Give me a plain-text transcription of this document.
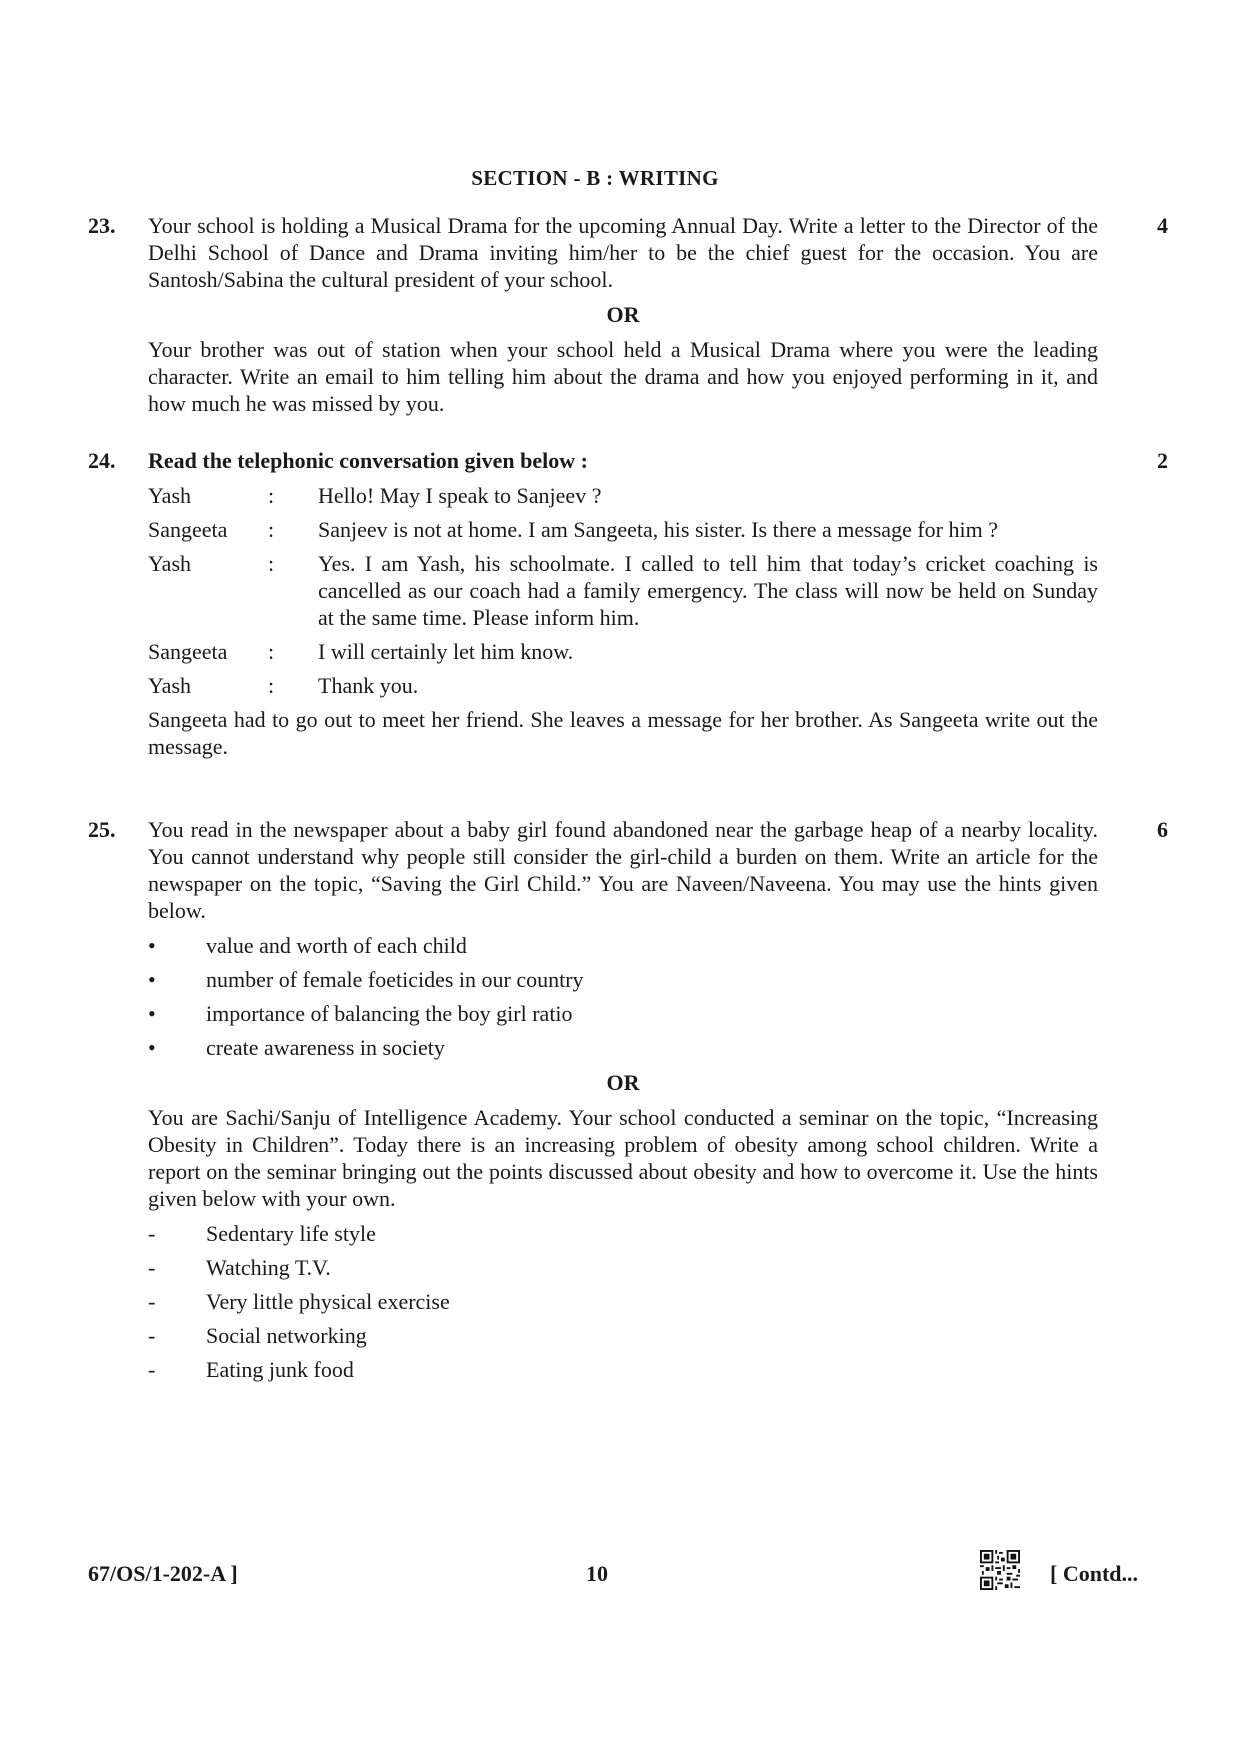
SECTION - B : WRITING
23.	4

Your school is holding a Musical Drama for the upcoming Annual Day. Write a letter to the Director of the Delhi School of Dance and Drama inviting him/her to be the chief guest for the occasion. You are Santosh/Sabina the cultural president of your school.

OR

Your brother was out of station when your school held a Musical Drama where you were the leading character. Write an email to him telling him about the drama and how you enjoyed performing in it, and how much he was missed by you.

24.	2

Read the telephonic conversation given below :

Yash	:	Hello! May I speak to Sanjeev ?
Sangeeta	:	Sanjeev is not at home. I am Sangeeta, his sister. Is there a message for him ?
Yash	:	Yes. I am Yash, his schoolmate. I called to tell him that today’s cricket coaching is cancelled as our coach had a family emergency. The class will now be held on Sunday at the same time. Please inform him.
Sangeeta	:	I will certainly let him know.
Yash	:	Thank you.

Sangeeta had to go out to meet her friend. She leaves a message for her brother. As Sangeeta write out the message.

25.	6

You read in the newspaper about a baby girl found abandoned near the garbage heap of a nearby locality. You cannot understand why people still consider the girl-child a burden on them. Write an article for the newspaper on the topic, “Saving the Girl Child.” You are Naveen/Naveena. You may use the hints given below.

•	value and worth of each child
•	number of female foeticides in our country
•	importance of balancing the boy girl ratio
•	create awareness in society
OR

You are Sachi/Sanju of Intelligence Academy. Your school conducted a seminar on the topic, “Increasing Obesity in Children”. Today there is an increasing problem of obesity among school children. Write a report on the seminar bringing out the points discussed about obesity and how to overcome it. Use the hints given below with your own.

-	Sedentary life style
-	Watching T.V.
-	Very little physical exercise
-	Social networking
-	Eating junk food
67/OS/1-202-A ]	10	[ Contd...
